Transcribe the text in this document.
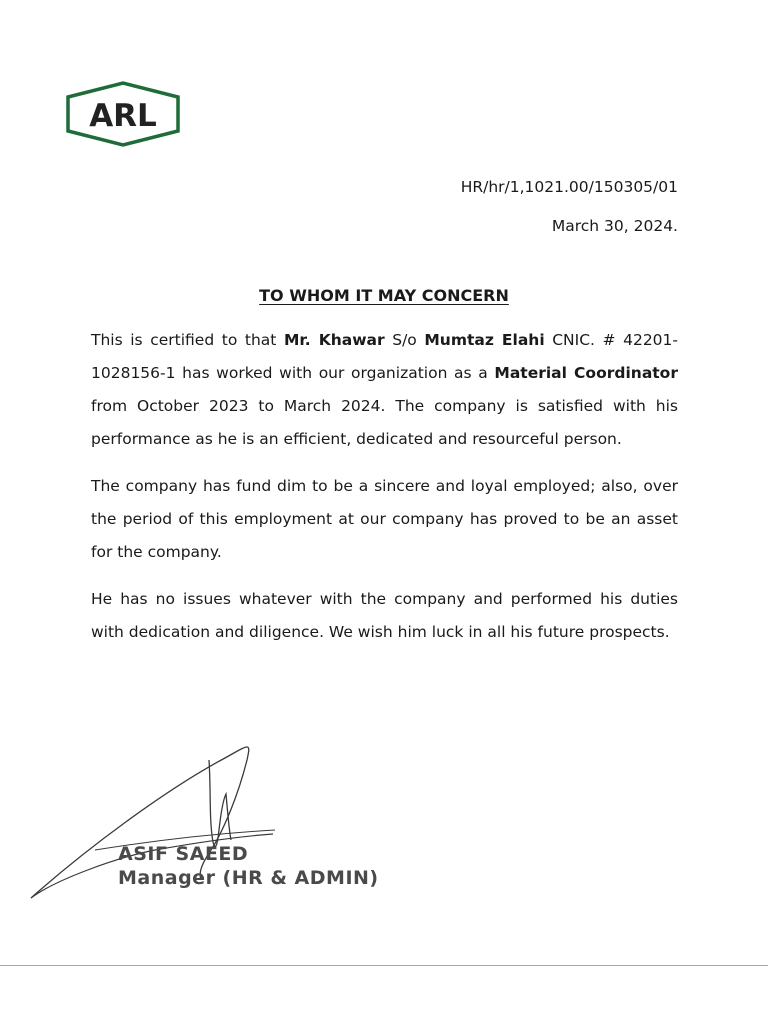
ARL
HR/hr/1,1021.00/150305/01
March 30, 2024.
TO WHOM IT MAY CONCERN

This is certified to that Mr. Khawar S/o Mumtaz Elahi CNIC. # 42201-1028156-1 has worked with our organization as a Material Coordinator from October 2023 to March 2024. The company is satisfied with his performance as he is an efficient, dedicated and resourceful person.

The company has fund dim to be a sincere and loyal employed; also, over the period of this employment at our company has proved to be an asset for the company.

He has no issues whatever with the company and performed his duties with dedication and diligence. We wish him luck in all his future prospects.

ASIF SAEED
Manager (HR & ADMIN)
